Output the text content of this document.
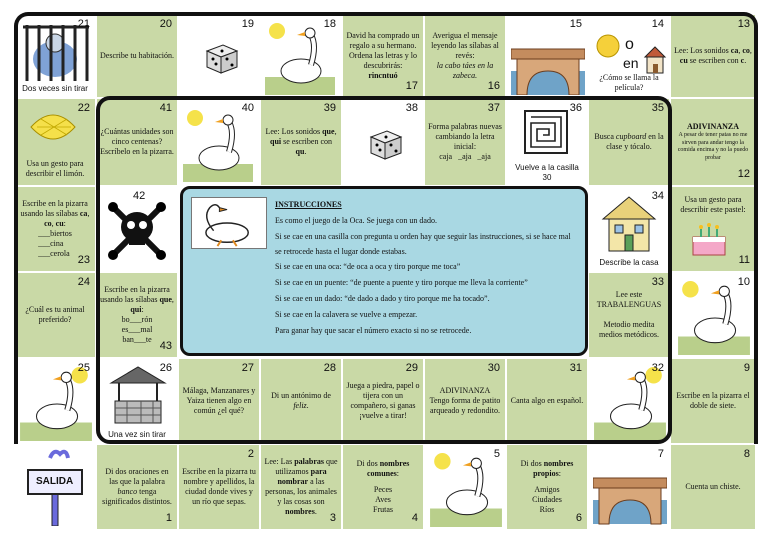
21
Dos veces sin tirar
20
Describe tu habitación.
19	18
David ha comprado un regalo a su hermano. Ordena las letras y lo descubrirás:
rincntuó
17
Averigua el mensaje leyendo las sílabas al revés:
la cabo táes en la zabeca.
16
15
o
en
14
¿Cómo se llama la película?
13
Lee: Los sonidos ca, co, cu se escriben con c.
22
Usa un gesto para describir el limón.
41
¿Cuántas unidades son cinco centenas? Escríbelo en la pizarra.
40	39
Lee: Los sonidos que, qui se escriben con qu.
38	37
Forma palabras nuevas cambiando la letra inicial:
caja   _aja   _aja
36
Vuelve a la casilla
30
35
Busca cupboard en la clase y tócalo.
ADIVINANZA
A pesar de tener patas no me sirven para andar tengo la comida encima y no la puedo probar
12
Escribe en la pizarra usando las sílabas ca, co, cu:
___biertos
___cina
___cerola
23
42	34
Describe la casa
Usa un gesto para describir este pastel:
11
24
¿Cuál es tu animal preferido?
Escribe en la pizarra usando las sílabas que, qui:
bo___rón
es___mal
ban___te
43
33
Lee este TRABALENGUAS
Metodio medita medios metódicos.
10
25	26
Una vez sin tirar
27
Málaga, Manzanares y Yaiza tienen algo en común ¿el qué?
28
Di un antónimo de feliz.
29
Juega a piedra, papel o tijera con un compañero, si ganas ¡vuelve a tirar!
30
ADIVINANZA
Tengo forma de patito arqueado y redondito.
31
Canta algo en español.
32	9
Escribe en la pizarra el doble de siete.
SALIDA
Di dos oraciones en las que la palabra banco tenga significados distintos.
1
2
Escribe en la pizarra tu nombre y apellidos, la ciudad donde vives y un río que sepas.
Lee: Las palabras que utilizamos para nombrar a las personas, los animales y las cosas son nombres.
3
Di dos nombres comunes:
Peces
Aves
Frutas
4
5
Di dos nombres propios:
Amigos
Ciudades
Ríos
6
7	8
Cuenta un chiste.
INSTRUCCIONES
Es como el juego de la Oca. Se juega con un dado.
Si se cae en una casilla con pregunta u orden hay que seguir las instrucciones, si se hace mal se retrocede hasta el lugar donde estabas.
Si se cae en una oca: “de oca a oca y tiro porque me toca”
Si se cae en un puente: “de puente a puente y tiro porque me lleva la corriente”
Si se cae en un dado: “de dado a dado y tiro porque me ha tocado”.
Si se cae en la calavera se vuelve a empezar.
Para ganar hay que sacar el número exacto si no se retrocede.
